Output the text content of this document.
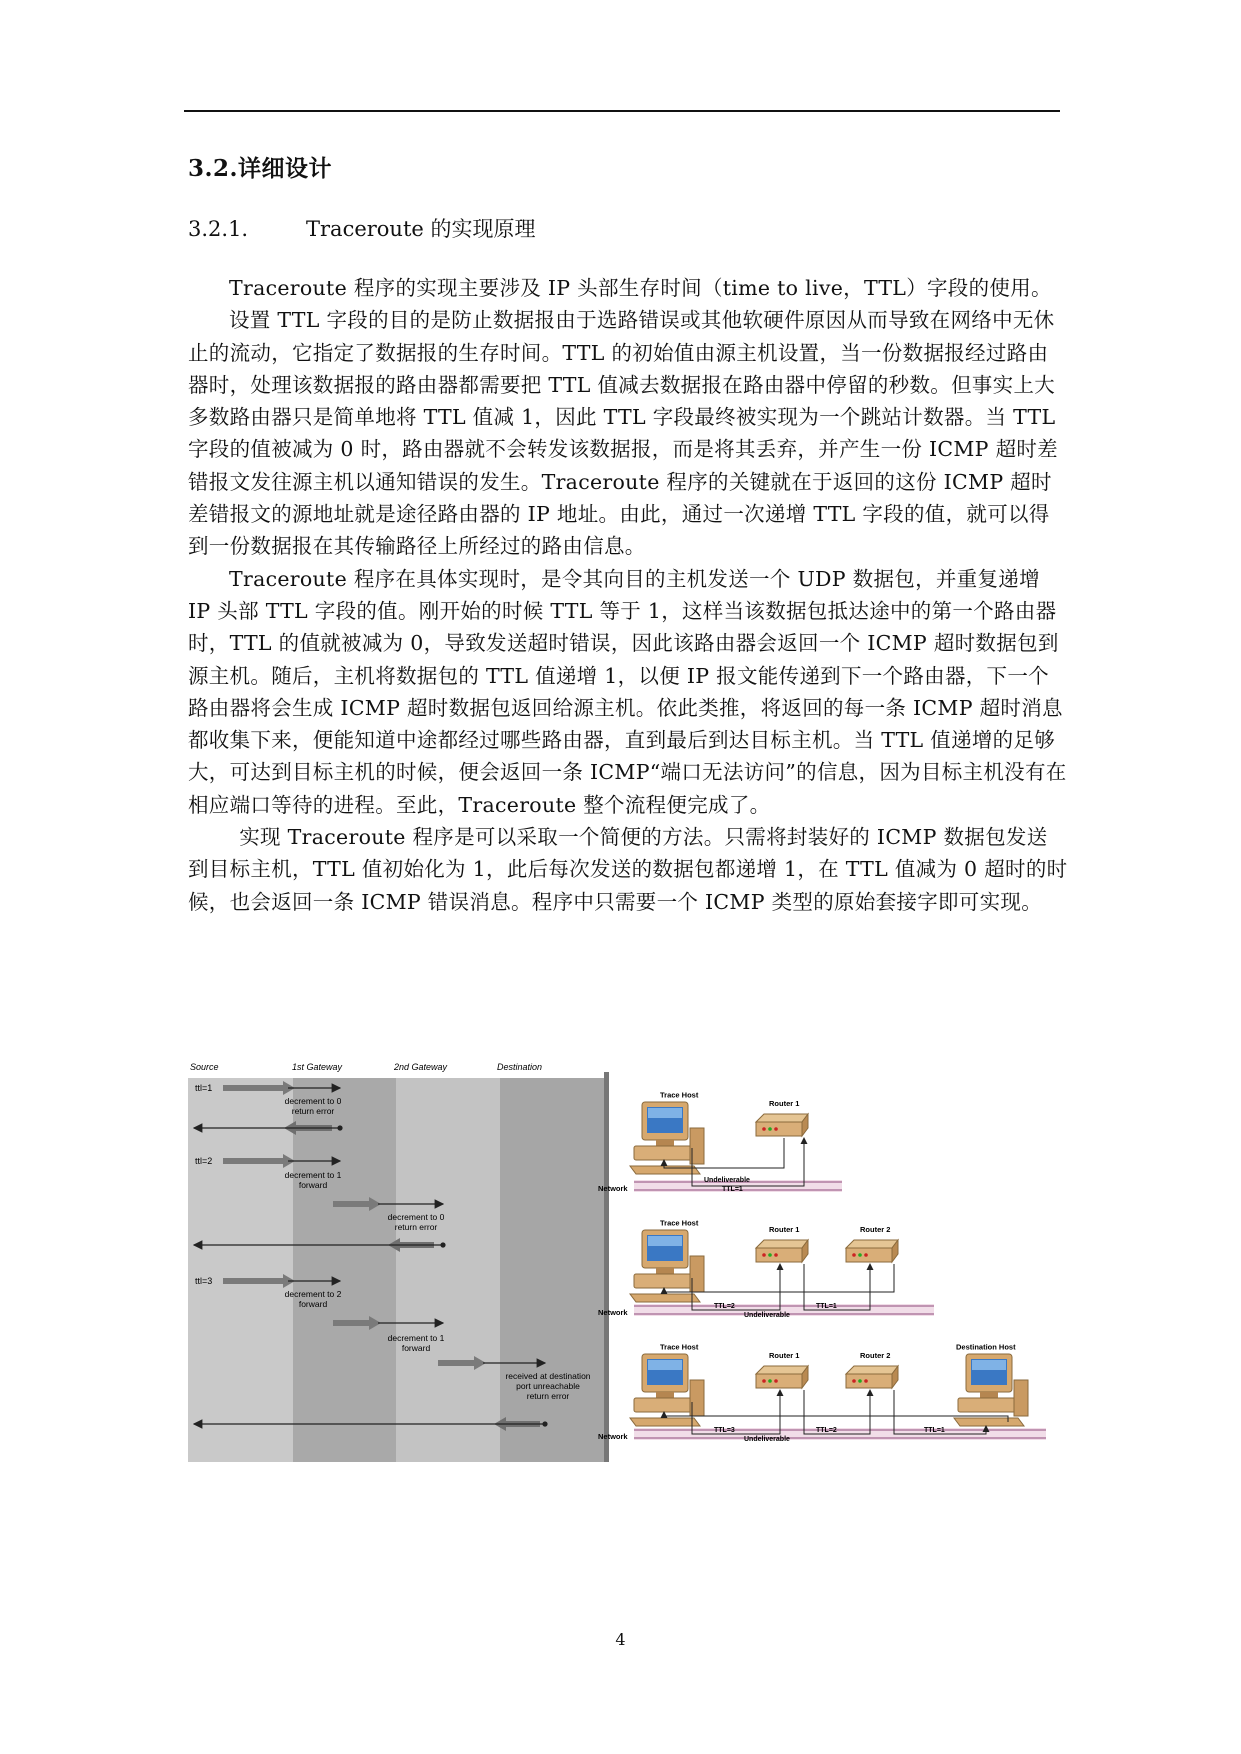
3.2.详细设计
3.2.1.	Traceroute 的实现原理

Traceroute 程序的实现主要涉及 IP 头部生存时间（time to live，TTL）字段的使用。

设置 TTL 字段的目的是防止数据报由于选路错误或其他软硬件原因从而导致在网络中无休止的流动，它指定了数据报的生存时间。TTL 的初始值由源主机设置，当一份数据报经过路由器时，处理该数据报的路由器都需要把 TTL 值减去数据报在路由器中停留的秒数。但事实上大多数路由器只是简单地将 TTL 值减 1，因此 TTL 字段最终被实现为一个跳站计数器。当 TTL 字段的值被减为 0 时，路由器就不会转发该数据报，而是将其丢弃，并产生一份 ICMP 超时差错报文发往源主机以通知错误的发生。Traceroute 程序的关键就在于返回的这份 ICMP 超时差错报文的源地址就是途径路由器的 IP 地址。由此，通过一次递增 TTL 字段的值，就可以得到一份数据报在其传输路径上所经过的路由信息。

Traceroute 程序在具体实现时，是令其向目的主机发送一个 UDP 数据包，并重复递增 IP 头部 TTL 字段的值。刚开始的时候 TTL 等于 1，这样当该数据包抵达途中的第一个路由器时，TTL 的值就被减为 0，导致发送超时错误，因此该路由器会返回一个 ICMP 超时数据包到源主机。随后，主机将数据包的 TTL 值递增 1，以便 IP 报文能传递到下一个路由器，下一个路由器将会生成 ICMP 超时数据包返回给源主机。依此类推，将返回的每一条 ICMP 超时消息都收集下来，便能知道中途都经过哪些路由器，直到最后到达目标主机。当 TTL 值递增的足够大，可达到目标主机的时候，便会返回一条 ICMP“端口无法访问”的信息，因为目标主机没有在相应端口等待的进程。至此，Traceroute 整个流程便完成了。

实现 Traceroute 程序是可以采取一个简便的方法。只需将封装好的 ICMP 数据包发送到目标主机，TTL 值初始化为 1，此后每次发送的数据包都递增 1，在 TTL 值减为 0 超时的时候，也会返回一条 ICMP 错误消息。程序中只需要一个 ICMP 类型的原始套接字即可实现。

Source	1st Gateway	2nd Gateway	Destination
ttl=1
ttl=2
ttl=3
decrement to 0
return error
decrement to 1
forward
decrement to 0
return error
decrement to 2
forward
decrement to 1
forward
received at destination
port unreachable
return error
Trace Host
Router 1
Network
Undeliverable
TTL=1
Trace Host
Router 1	Router 2
Network
TTL=2
Undeliverable
TTL=1
Trace Host
Router 1	Router 2
Destination Host
Network
TTL=3
Undeliverable
TTL=2	TTL=1
4
